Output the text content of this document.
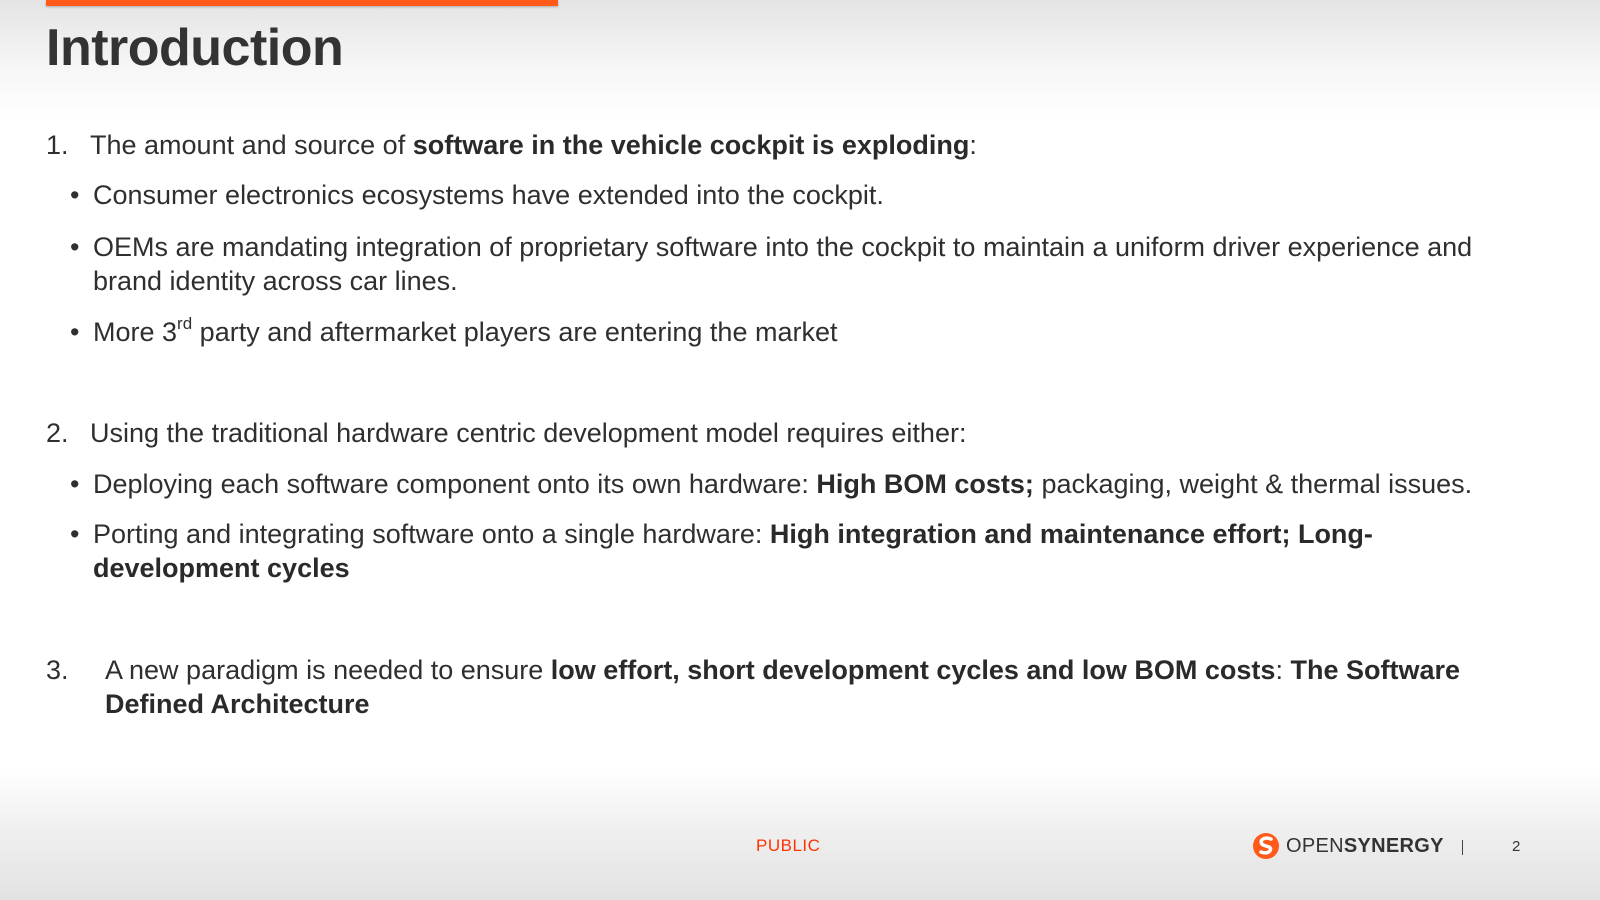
Introduction
1. The amount and source of software in the vehicle cockpit is exploding:
• Consumer electronics ecosystems have extended into the cockpit.
• OEMs are mandating integration of proprietary software into the cockpit to maintain a uniform driver experience and brand identity across car lines.
• More 3rd party and aftermarket players are entering the market
2. Using the traditional hardware centric development model requires either:
• Deploying each software component onto its own hardware: High BOM costs; packaging, weight & thermal issues.
• Porting and integrating software onto a single hardware: High integration and maintenance effort; Long-development cycles
3.	A new paradigm is needed to ensure low effort, short development cycles and low BOM costs: The Software Defined Architecture
PUBLIC	OPENSYNERGY	2
